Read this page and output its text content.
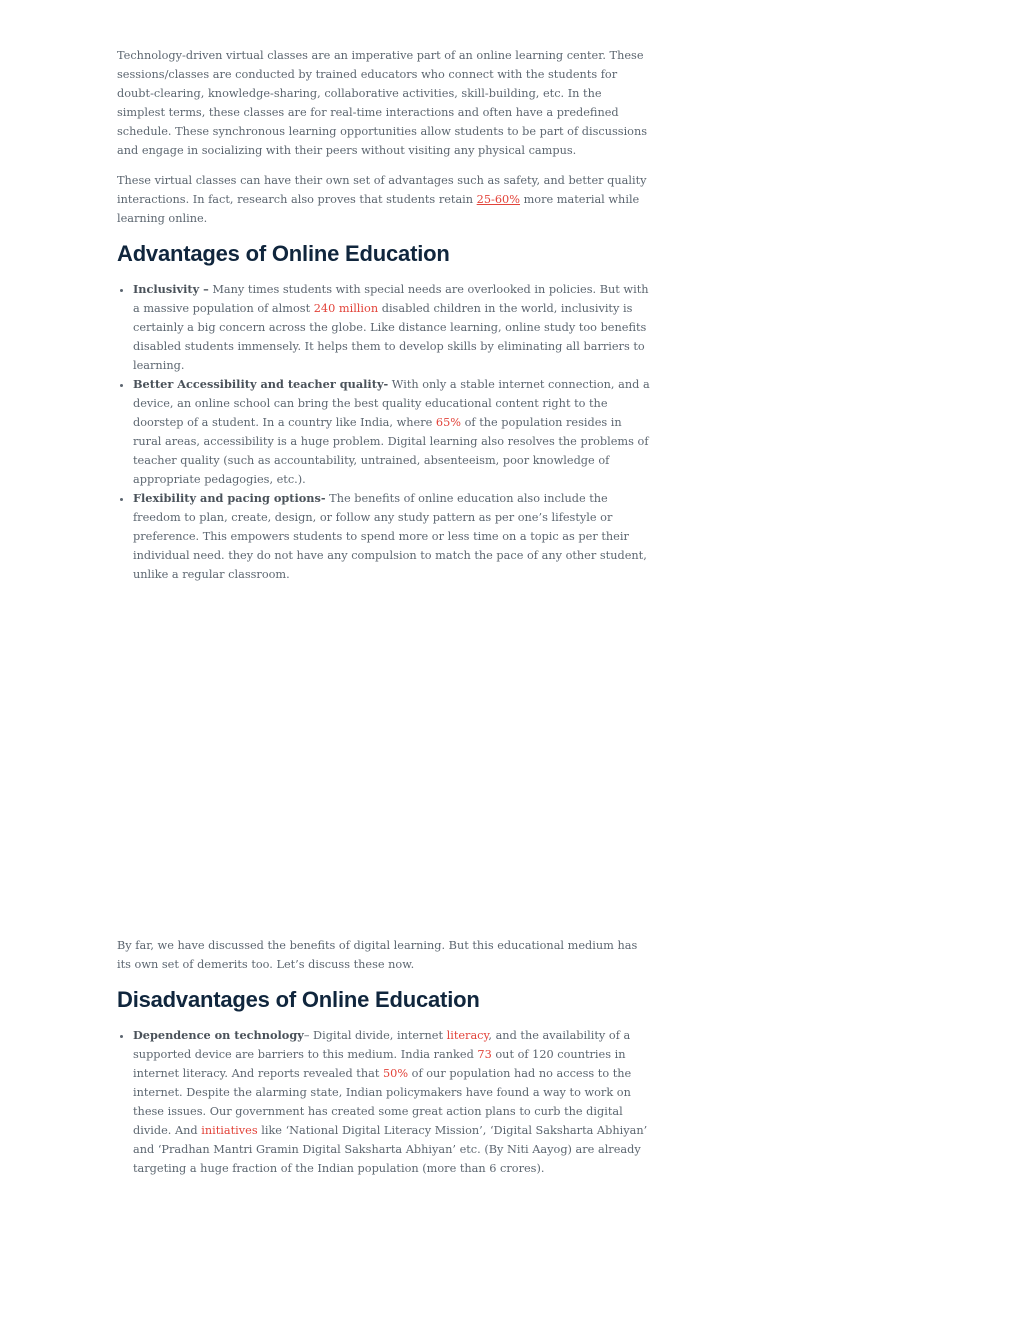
Technology-driven virtual classes are an imperative part of an online learning center. These sessions/classes are conducted by trained educators who connect with the students for doubt-clearing, knowledge-sharing, collaborative activities, skill-building, etc. In the simplest terms, these classes are for real-time interactions and often have a predefined schedule. These synchronous learning opportunities allow students to be part of discussions and engage in socializing with their peers without visiting any physical campus.

These virtual classes can have their own set of advantages such as safety, and better quality interactions. In fact, research also proves that students retain 25-60% more material while learning online.

Advantages of Online Education
• Inclusivity – Many times students with special needs are overlooked in policies. But with a massive population of almost 240 million disabled children in the world, inclusivity is certainly a big concern across the globe. Like distance learning, online study too benefits disabled students immensely. It helps them to develop skills by eliminating all barriers to learning.
• Better Accessibility and teacher quality- With only a stable internet connection, and a device, an online school can bring the best quality educational content right to the doorstep of a student. In a country like India, where 65% of the population resides in rural areas, accessibility is a huge problem. Digital learning also resolves the problems of teacher quality (such as accountability, untrained, absenteeism, poor knowledge of appropriate pedagogies, etc.).
• Flexibility and pacing options- The benefits of online education also include the freedom to plan, create, design, or follow any study pattern as per one’s lifestyle or preference. This empowers students to spend more or less time on a topic as per their individual need. they do not have any compulsion to match the pace of any other student, unlike a regular classroom.

By far, we have discussed the benefits of digital learning. But this educational medium has its own set of demerits too. Let’s discuss these now.

Disadvantages of Online Education
• Dependence on technology– Digital divide, internet literacy, and the availability of a supported device are barriers to this medium. India ranked 73 out of 120 countries in internet literacy. And reports revealed that 50% of our population had no access to the internet. Despite the alarming state, Indian policymakers have found a way to work on these issues. Our government has created some great action plans to curb the digital divide. And initiatives like ‘National Digital Literacy Mission’, ‘Digital Saksharta Abhiyan’ and ‘Pradhan Mantri Gramin Digital Saksharta Abhiyan’ etc. (By Niti Aayog) are already targeting a huge fraction of the Indian population (more than 6 crores).
